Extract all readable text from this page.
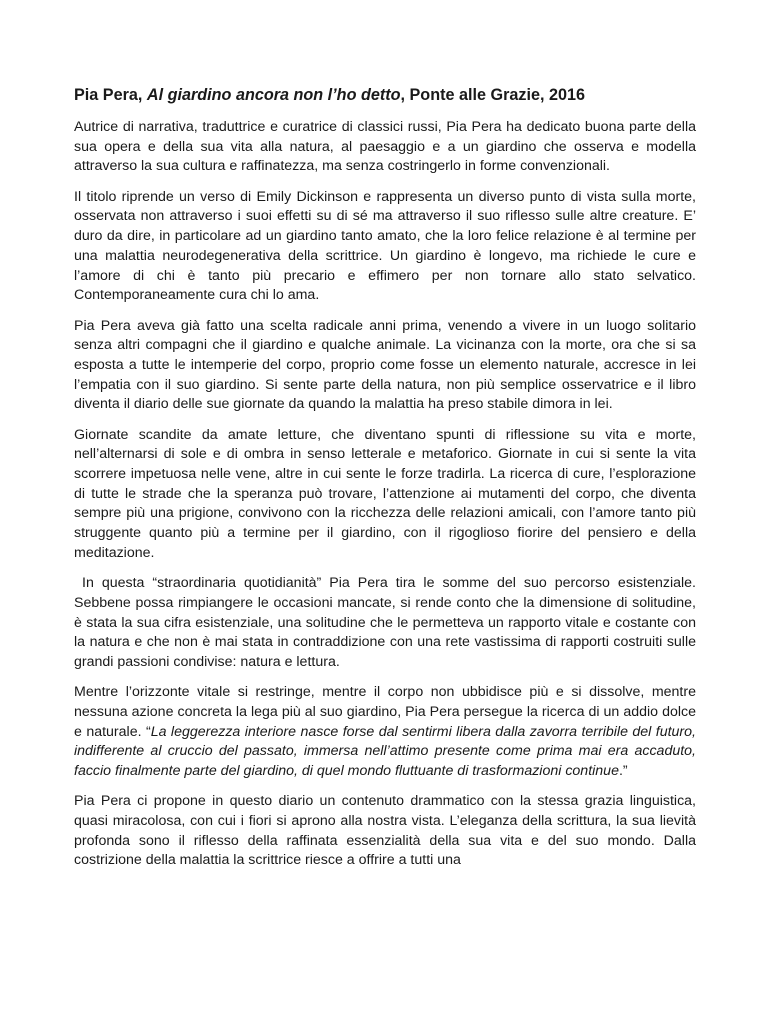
Pia Pera, Al giardino ancora non l’ho detto, Ponte alle Grazie, 2016

Autrice di narrativa, traduttrice e curatrice di classici russi, Pia Pera ha dedicato buona parte della sua opera e della sua vita alla natura, al paesaggio e a un giardino che osserva e modella attraverso la sua cultura e raffinatezza, ma senza costringerlo in forme convenzionali.

Il titolo riprende un verso di Emily Dickinson e rappresenta un diverso punto di vista sulla morte, osservata non attraverso i suoi effetti su di sé ma attraverso il suo riflesso sulle altre creature. E’ duro da dire, in particolare ad un giardino tanto amato, che la loro felice relazione è al termine per una malattia neurodegenerativa della scrittrice. Un giardino è longevo, ma richiede le cure e l’amore di chi è tanto più precario e effimero per non tornare allo stato selvatico. Contemporaneamente cura chi lo ama.

Pia Pera aveva già fatto una scelta radicale anni prima, venendo a vivere in un luogo solitario senza altri compagni che il giardino e qualche animale. La vicinanza con la morte, ora che si sa esposta a tutte le intemperie del corpo, proprio come fosse un elemento naturale, accresce in lei l’empatia con il suo giardino. Si sente parte della natura, non più semplice osservatrice e il libro diventa il diario delle sue giornate da quando la malattia ha preso stabile dimora in lei.

Giornate scandite da amate letture, che diventano spunti di riflessione su vita e morte, nell’alternarsi di sole e di ombra in senso letterale e metaforico. Giornate in cui si sente la vita scorrere impetuosa nelle vene, altre in cui sente le forze tradirla. La ricerca di cure, l’esplorazione di tutte le strade che la speranza può trovare, l’attenzione ai mutamenti del corpo, che diventa sempre più una prigione, convivono con la ricchezza delle relazioni amicali, con l’amore tanto più struggente quanto più a termine per il giardino, con il rigoglioso fiorire del pensiero e della meditazione.

In questa “straordinaria quotidianità” Pia Pera tira le somme del suo percorso esistenziale. Sebbene possa rimpiangere le occasioni mancate, si rende conto che la dimensione di solitudine, è stata la sua cifra esistenziale, una solitudine che le permetteva un rapporto vitale e costante con la natura e che non è mai stata in contraddizione con una rete vastissima di rapporti costruiti sulle grandi passioni condivise: natura e lettura.

Mentre l’orizzonte vitale si restringe, mentre il corpo non ubbidisce più e si dissolve, mentre nessuna azione concreta la lega più al suo giardino, Pia Pera persegue la ricerca di un addio dolce e naturale. “La leggerezza interiore nasce forse dal sentirmi libera dalla zavorra terribile del futuro, indifferente al cruccio del passato, immersa nell’attimo presente come prima mai era accaduto, faccio finalmente parte del giardino, di quel mondo fluttuante di trasformazioni continue.”

Pia Pera ci propone in questo diario un contenuto drammatico con la stessa grazia linguistica, quasi miracolosa, con cui i fiori si aprono alla nostra vista. L’eleganza della scrittura, la sua lievità profonda sono il riflesso della raffinata essenzialità della sua vita e del suo mondo. Dalla costrizione della malattia la scrittrice riesce a offrire a tutti una
